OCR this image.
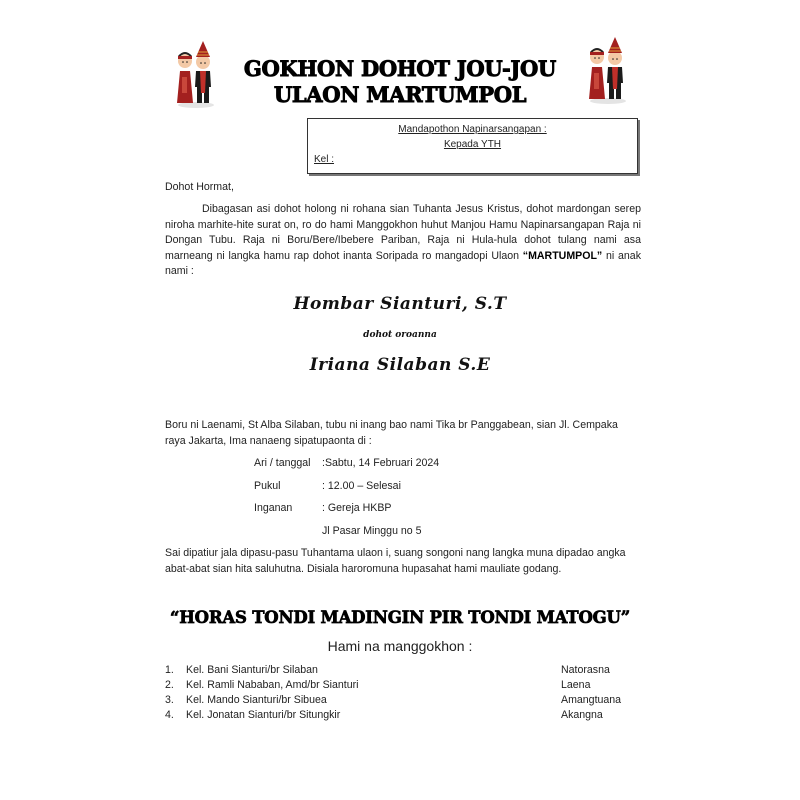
GOKHON DOHOT JOU-JOU
ULAON MARTUMPOL
Mandapothon Napinarsangapan :
Kepada YTH
Kel :
Dohot Hormat,
Dibagasan asi dohot holong ni rohana sian Tuhanta Jesus Kristus, dohot mardongan serep niroha marhite-hite surat on, ro do hami Manggokhon huhut Manjou Hamu Napinarsangapan Raja ni Dongan Tubu. Raja ni Boru/Bere/Ibebere Pariban, Raja ni Hula-hula dohot tulang nami asa marneang ni langka hamu rap dohot inanta Soripada ro mangadopi Ulaon “MARTUMPOL” ni anak nami :
Hombar Sianturi, S.T
dohot oroanna
Iriana Silaban S.E
Boru ni Laenami, St Alba Silaban, tubu ni inang bao nami Tika br Panggabean, sian Jl. Cempaka raya Jakarta, Ima nanaeng sipatupaonta di :
Ari / tanggal :Sabtu, 14 Februari 2024
Pukul	: 12.00 – Selesai
Inganan	: Gereja HKBP
Jl Pasar Minggu no 5
Sai dipatiur jala dipasu-pasu Tuhantama ulaon i, suang songoni nang langka muna dipadao angka abat-abat sian hita saluhutna. Disiala haroromuna hupasahat hami mauliate godang.
“HORAS TONDI MADINGIN PIR TONDI MATOGU”
Hami na manggokhon :
1. Kel. Bani Sianturi/br Silaban	Natorasna
2. Kel. Ramli Nababan, Amd/br Sianturi	Laena
3. Kel. Mando Sianturi/br Sibuea	Amangtuana
4. Kel. Jonatan Sianturi/br Situngkir	Akangna
